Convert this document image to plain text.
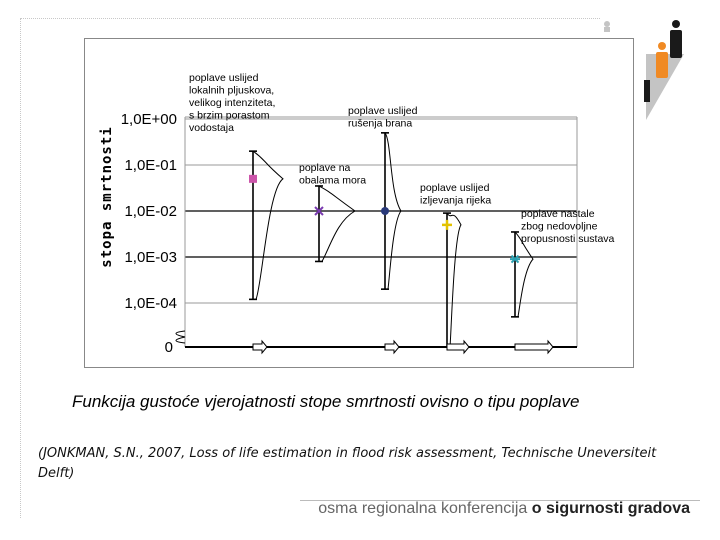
stopa smrtnosti
0
1,0E+00
1,0E-01
1,0E-02
1,0E-03
1,0E-04
poplave uslijed lokalnih pljuskova, velikog intenziteta, s brzim porastom vodostaja
poplave na obalama mora
poplave uslijed rušenja brana
poplave uslijed izljevanja rijeka
poplave nastale zbog nedovoljne propusnosti sustava
Funkcija gustoće vjerojatnosti stope smrtnosti ovisno o tipu poplave
(JONKMAN, S.N., 2007, Loss of life estimation in flood risk assessment, Technische Uneversiteit Delft)
osma regionalna konferencija o sigurnosti gradova
